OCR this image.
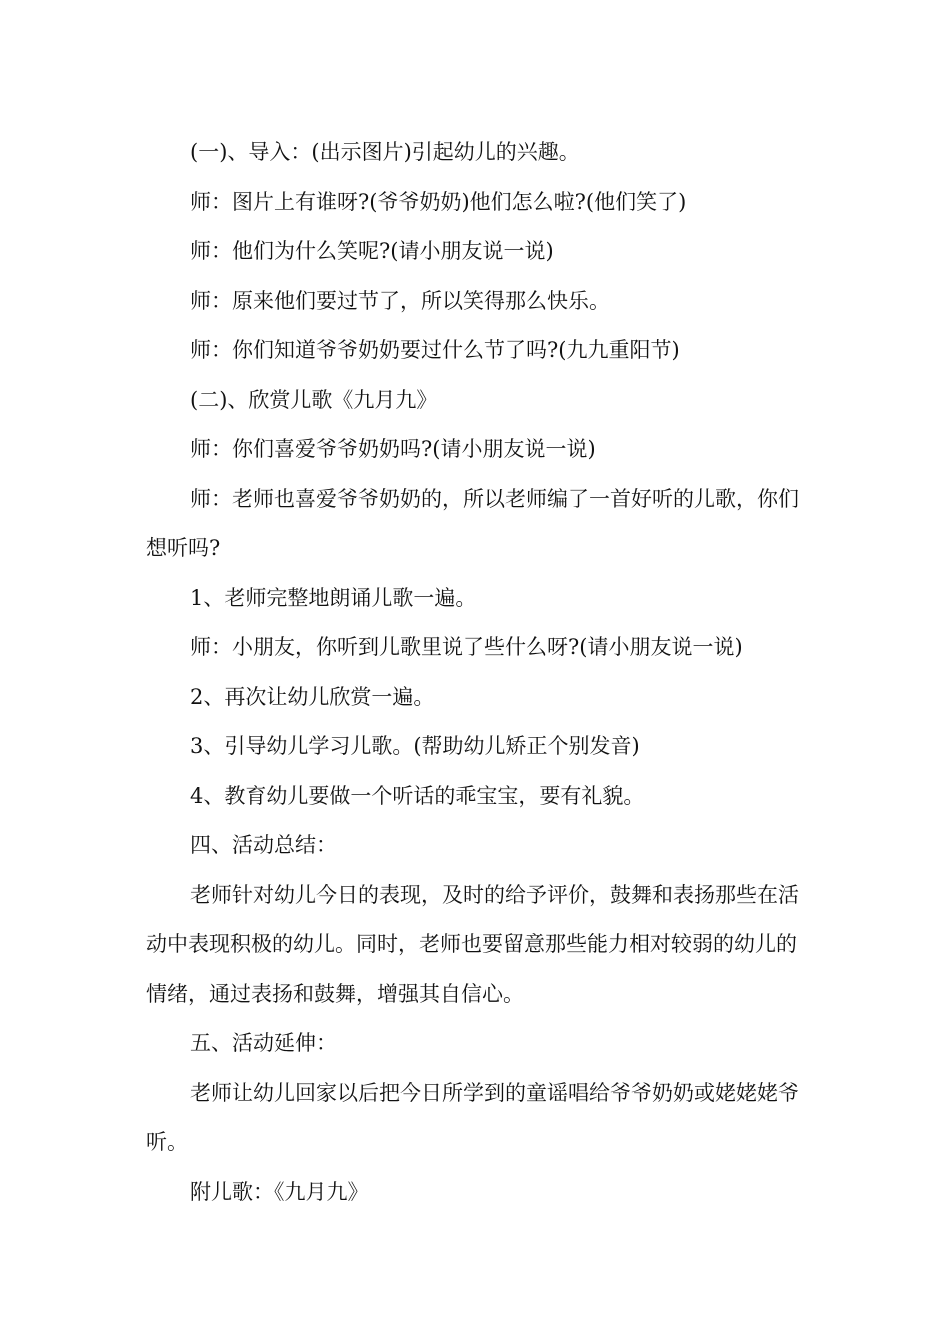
(一)、导入：(出示图片)引起幼儿的兴趣。

师：图片上有谁呀?(爷爷奶奶)他们怎么啦?(他们笑了)

师：他们为什么笑呢?(请小朋友说一说)

师：原来他们要过节了，所以笑得那么快乐。

师：你们知道爷爷奶奶要过什么节了吗?(九九重阳节)

(二)、欣赏儿歌《九月九》

师：你们喜爱爷爷奶奶吗?(请小朋友说一说)

师：老师也喜爱爷爷奶奶的，所以老师编了一首好听的儿歌，你们想听吗?

1、老师完整地朗诵儿歌一遍。

师：小朋友，你听到儿歌里说了些什么呀?(请小朋友说一说)

2、再次让幼儿欣赏一遍。

3、引导幼儿学习儿歌。(帮助幼儿矫正个别发音)

4、教育幼儿要做一个听话的乖宝宝，要有礼貌。

四、活动总结：

老师针对幼儿今日的表现，及时的给予评价，鼓舞和表扬那些在活动中表现积极的幼儿。同时，老师也要留意那些能力相对较弱的幼儿的情绪，通过表扬和鼓舞，增强其自信心。

五、活动延伸：

老师让幼儿回家以后把今日所学到的童谣唱给爷爷奶奶或姥姥姥爷听。

附儿歌：《九月九》
